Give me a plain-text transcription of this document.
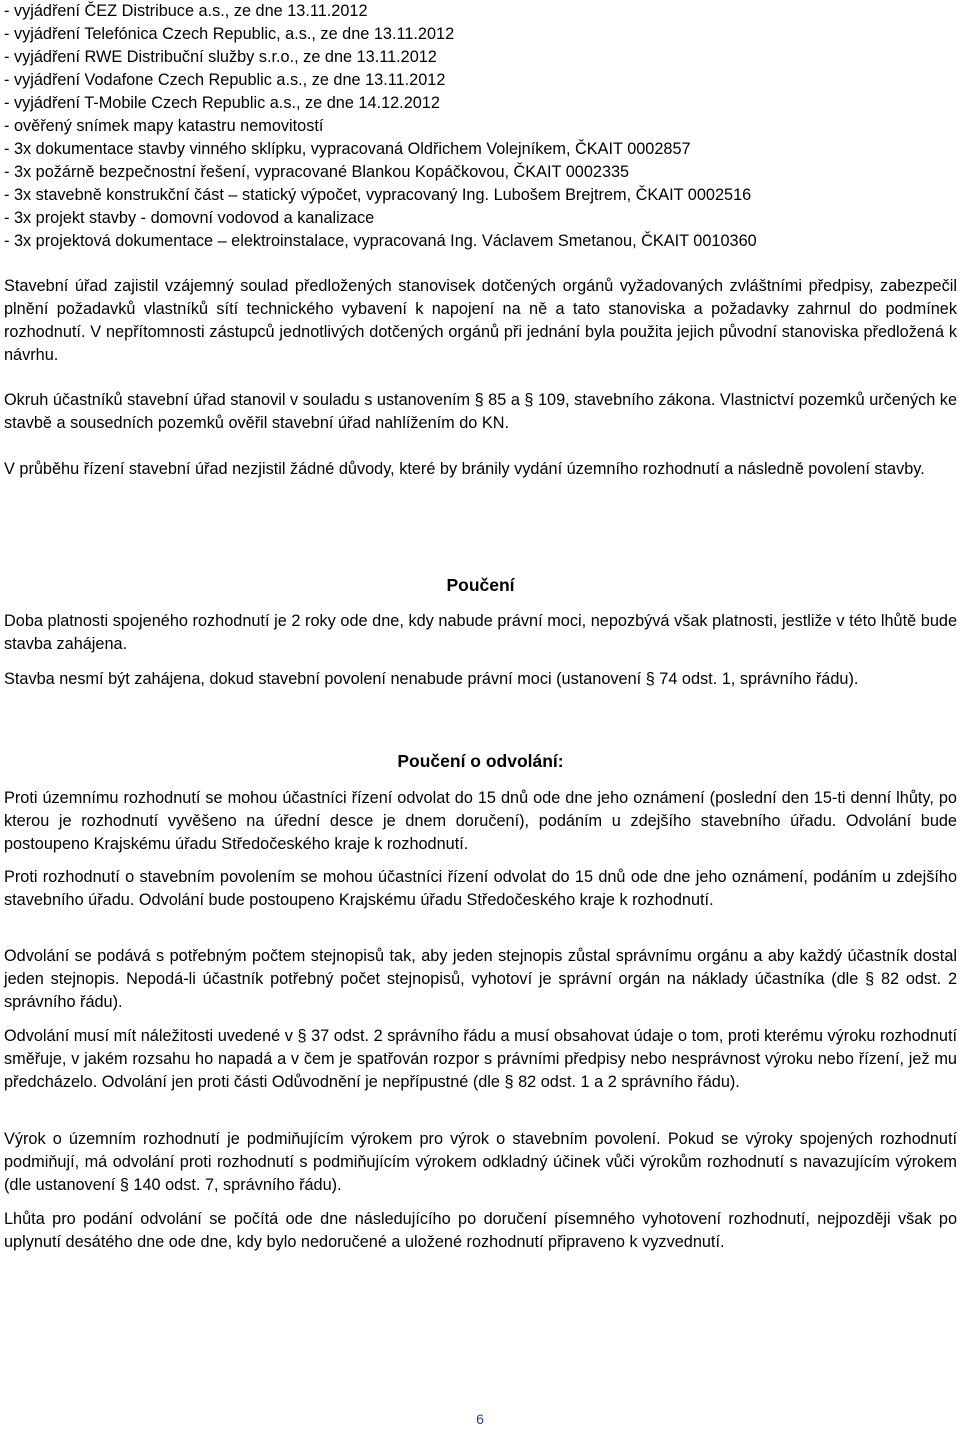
- vyjádření ČEZ Distribuce a.s., ze dne 13.11.2012
- vyjádření Telefónica Czech Republic, a.s., ze dne 13.11.2012
- vyjádření RWE Distribuční služby s.r.o., ze dne 13.11.2012
- vyjádření Vodafone Czech Republic a.s., ze dne 13.11.2012
- vyjádření T-Mobile Czech Republic a.s., ze dne 14.12.2012
- ověřený snímek mapy katastru nemovitostí
- 3x dokumentace stavby vinného sklípku, vypracovaná Oldřichem Volejníkem, ČKAIT 0002857
- 3x požárně bezpečnostní řešení, vypracované Blankou Kopáčkovou, ČKAIT 0002335
- 3x stavebně konstrukční část – statický výpočet, vypracovaný Ing. Lubošem Brejtrem, ČKAIT 0002516
- 3x projekt stavby - domovní vodovod a kanalizace
- 3x projektová dokumentace – elektroinstalace, vypracovaná Ing. Václavem Smetanou, ČKAIT 0010360

Stavební úřad zajistil vzájemný soulad předložených stanovisek dotčených orgánů vyžadovaných zvláštními předpisy, zabezpečil plnění požadavků vlastníků sítí technického vybavení k napojení na ně a tato stanoviska a požadavky zahrnul do podmínek rozhodnutí. V nepřítomnosti zástupců jednotlivých dotčených orgánů při jednání byla použita jejich původní stanoviska předložená k návrhu.

Okruh účastníků stavební úřad stanovil v souladu s ustanovením § 85 a § 109, stavebního zákona. Vlastnictví pozemků určených ke stavbě a sousedních pozemků ověřil stavební úřad nahlížením do KN.

V průběhu řízení stavební úřad nezjistil žádné důvody, které by bránily vydání územního rozhodnutí a následně povolení stavby.

Poučení

Doba platnosti spojeného rozhodnutí je 2 roky ode dne, kdy nabude právní moci, nepozbývá však platnosti, jestliže v této lhůtě bude stavba zahájena.

Stavba nesmí být zahájena, dokud stavební povolení nenabude právní moci (ustanovení § 74 odst. 1, správního řádu).

Poučení o odvolání:

Proti územnímu rozhodnutí se mohou účastníci řízení odvolat do 15 dnů ode dne jeho oznámení (poslední den 15-ti denní lhůty, po kterou je rozhodnutí vyvěšeno na úřední desce je dnem doručení), podáním u zdejšího stavebního úřadu. Odvolání bude postoupeno Krajskému úřadu Středočeského kraje k rozhodnutí.

Proti rozhodnutí o stavebním povolením se mohou účastníci řízení odvolat do 15 dnů ode dne jeho oznámení, podáním u zdejšího stavebního úřadu. Odvolání bude postoupeno Krajskému úřadu Středočeského kraje k rozhodnutí.

Odvolání se podává s potřebným počtem stejnopisů tak, aby jeden stejnopis zůstal správnímu orgánu a aby každý účastník dostal jeden stejnopis. Nepodá-li účastník potřebný počet stejnopisů, vyhotoví je správní orgán na náklady účastníka (dle § 82 odst. 2 správního řádu).

Odvolání musí mít náležitosti uvedené v § 37 odst. 2 správního řádu a musí obsahovat údaje o tom, proti kterému výroku rozhodnutí směřuje, v jakém rozsahu ho napadá a v čem je spatřován rozpor s právními předpisy nebo nesprávnost výroku nebo řízení, jež mu předcházelo. Odvolání jen proti části Odůvodnění je nepřípustné (dle § 82 odst. 1 a 2 správního řádu).

Výrok o územním rozhodnutí je podmiňujícím výrokem pro výrok o stavebním povolení. Pokud se výroky spojených rozhodnutí podmiňují, má odvolání proti rozhodnutí s podmiňujícím výrokem odkladný účinek vůči výrokům rozhodnutí s navazujícím výrokem (dle ustanovení § 140 odst. 7, správního řádu).

Lhůta pro podání odvolání se počítá ode dne následujícího po doručení písemného vyhotovení rozhodnutí, nejpozději však po uplynutí desátého dne ode dne, kdy bylo nedoručené a uložené rozhodnutí připraveno k vyzvednutí.

6
